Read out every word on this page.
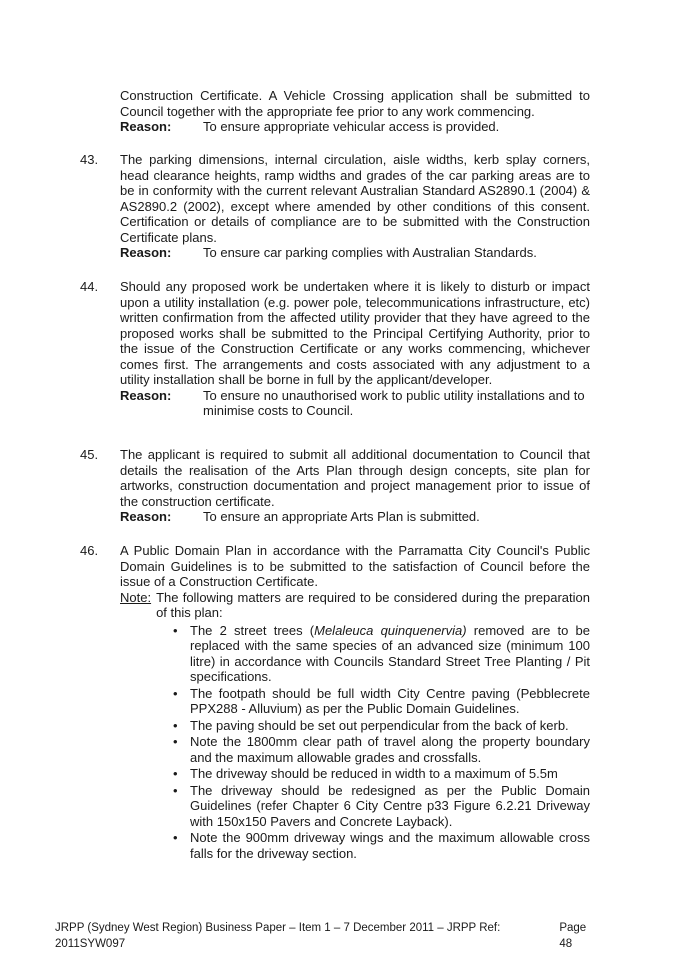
Construction Certificate. A Vehicle Crossing application shall be submitted to Council together with the appropriate fee prior to any work commencing.
Reason:	To ensure appropriate vehicular access is provided.
43.	The parking dimensions, internal circulation, aisle widths, kerb splay corners, head clearance heights, ramp widths and grades of the car parking areas are to be in conformity with the current relevant Australian Standard AS2890.1 (2004) & AS2890.2 (2002), except where amended by other conditions of this consent. Certification or details of compliance are to be submitted with the Construction Certificate plans.
Reason:	To ensure car parking complies with Australian Standards.
44.	Should any proposed work be undertaken where it is likely to disturb or impact upon a utility installation (e.g. power pole, telecommunications infrastructure, etc) written confirmation from the affected utility provider that they have agreed to the proposed works shall be submitted to the Principal Certifying Authority, prior to the issue of the Construction Certificate or any works commencing, whichever comes first. The arrangements and costs associated with any adjustment to a utility installation shall be borne in full by the applicant/developer.
Reason:	To ensure no unauthorised work to public utility installations and to minimise costs to Council.
45.	The applicant is required to submit all additional documentation to Council that details the realisation of the Arts Plan through design concepts, site plan for artworks, construction documentation and project management prior to issue of the construction certificate.
Reason:	To ensure an appropriate Arts Plan is submitted.
46.	A Public Domain Plan in accordance with the Parramatta City Council's Public Domain Guidelines is to be submitted to the satisfaction of Council before the issue of a Construction Certificate.
Note: The following matters are required to be considered during the preparation of this plan:
• The 2 street trees (Melaleuca quinquenervia) removed are to be replaced with the same species of an advanced size (minimum 100 litre) in accordance with Councils Standard Street Tree Planting / Pit specifications.
• The footpath should be full width City Centre paving (Pebblecrete PPX288 - Alluvium) as per the Public Domain Guidelines.
• The paving should be set out perpendicular from the back of kerb.
• Note the 1800mm clear path of travel along the property boundary and the maximum allowable grades and crossfalls.
• The driveway should be reduced in width to a maximum of 5.5m
• The driveway should be redesigned as per the Public Domain Guidelines (refer Chapter 6 City Centre p33 Figure 6.2.21 Driveway with 150x150 Pavers and Concrete Layback).
• Note the 900mm driveway wings and the maximum allowable cross falls for the driveway section.
JRPP (Sydney West Region) Business Paper – Item 1 – 7 December 2011 – JRPP Ref: 2011SYW097
Page 48
